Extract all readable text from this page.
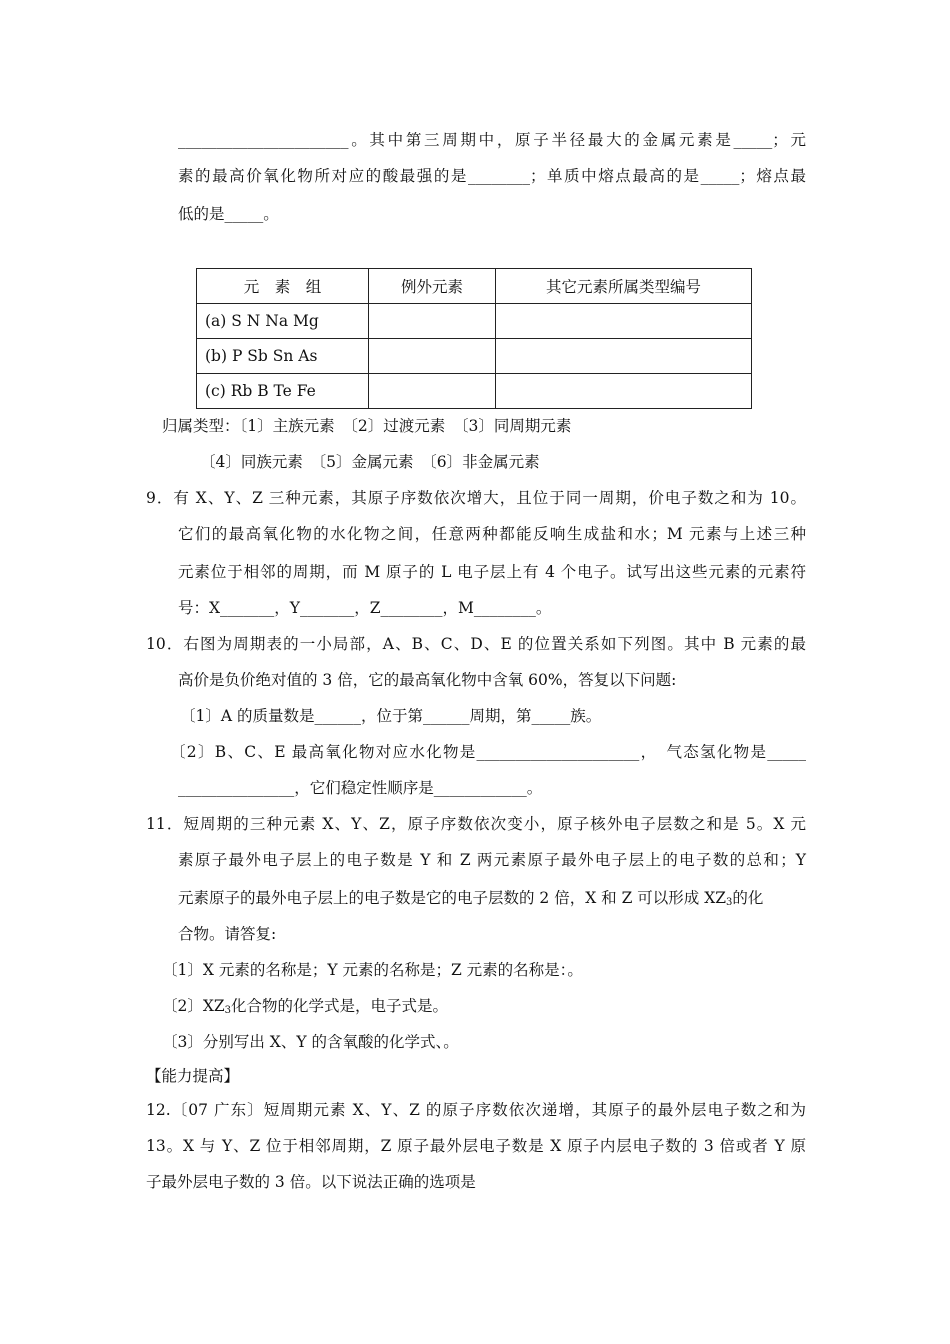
______________________。其中第三周期中，原子半径最大的金属元素是_____；元
素的最高价氧化物所对应的酸最强的是________；单质中熔点最高的是_____；熔点最
低的是_____。
元　素　组	例外元素	其它元素所属类型编号
(a) S N Na Mg		
(b) P Sb Sn As		
(c) Rb B Te Fe		
归属类型：〔1〕主族元素　〔2〕过渡元素　〔3〕同周期元素
〔4〕同族元素　〔5〕金属元素　〔6〕非金属元素
9．有 X、Y、Z 三种元素，其原子序数依次增大，且位于同一周期，价电子数之和为 10。
它们的最高氧化物的水化物之间，任意两种都能反响生成盐和水；M 元素与上述三种
元素位于相邻的周期，而 M 原子的 L 电子层上有 4 个电子。试写出这些元素的元素符
号：X_______，Y_______，Z________，M________。
10．右图为周期表的一小局部，A、B、C、D、E 的位置关系如下列图。其中 B 元素的最
高价是负价绝对值的 3 倍，它的最高氧化物中含氧 60%，答复以下问题:
〔1〕A 的质量数是______，位于第______周期，第_____族。
〔2〕B、C、E 最高氧化物对应水化物是_____________________，　气态氢化物是_____
_______________，它们稳定性顺序是____________。
11．短周期的三种元素 X、Y、Z，原子序数依次变小，原子核外电子层数之和是 5。X 元
素原子最外电子层上的电子数是 Y 和 Z 两元素原子最外电子层上的电子数的总和；Y
元素原子的最外电子层上的电子数是它的电子层数的 2 倍，X 和 Z 可以形成 $XZ_3$的化
合物。请答复:
〔1〕X 元素的名称是；Y 元素的名称是；Z 元素的名称是：。
〔2〕$XZ_3$化合物的化学式是，电子式是。
〔3〕分别写出 X、Y 的含氧酸的化学式、。
【能力提高】
12.〔07 广东〕短周期元素 X、Y、Z 的原子序数依次递增，其原子的最外层电子数之和为
13。X 与 Y、Z 位于相邻周期，Z 原子最外层电子数是 X 原子内层电子数的 3 倍或者 Y 原
子最外层电子数的 3 倍。以下说法正确的选项是
